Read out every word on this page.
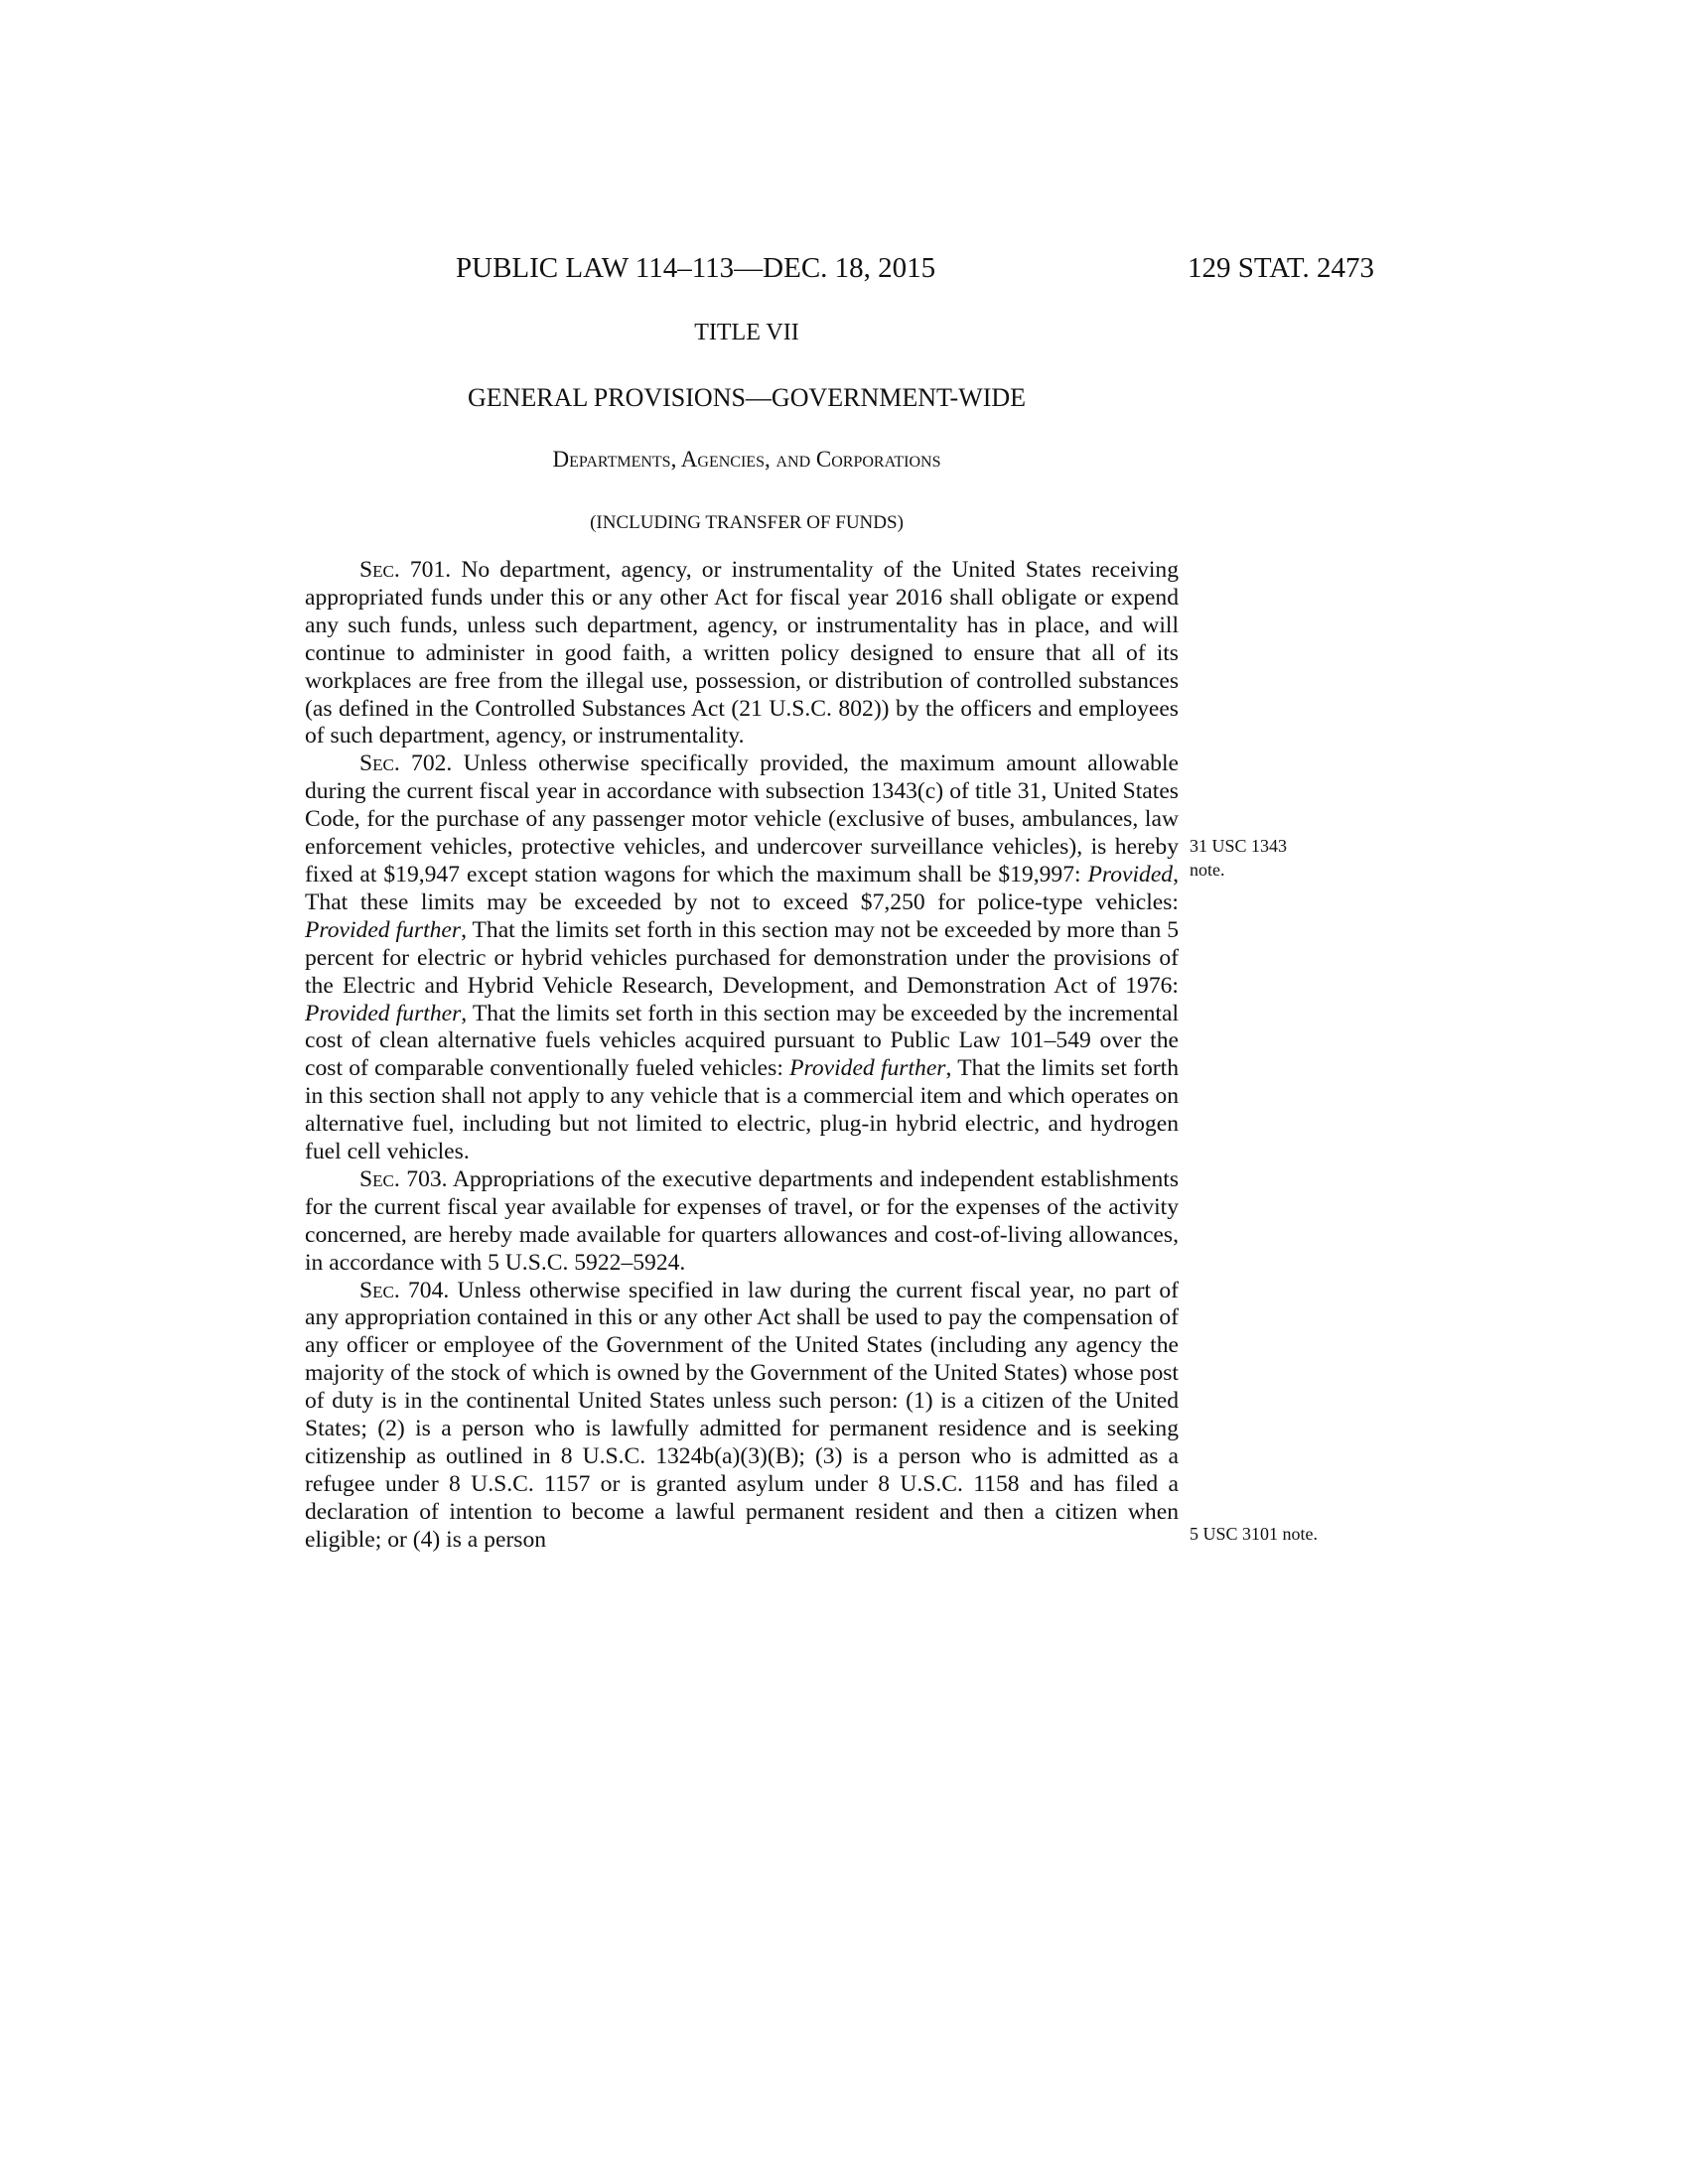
PUBLIC LAW 114–113—DEC. 18, 2015	129 STAT. 2473
TITLE VII
GENERAL PROVISIONS—GOVERNMENT-WIDE
Departments, Agencies, and Corporations
(INCLUDING TRANSFER OF FUNDS)

Sec. 701. No department, agency, or instrumentality of the United States receiving appropriated funds under this or any other Act for fiscal year 2016 shall obligate or expend any such funds, unless such department, agency, or instrumentality has in place, and will continue to administer in good faith, a written policy designed to ensure that all of its workplaces are free from the illegal use, possession, or distribution of controlled substances (as defined in the Controlled Substances Act (21 U.S.C. 802)) by the officers and employees of such department, agency, or instrumentality.

Sec. 702. Unless otherwise specifically provided, the maximum amount allowable during the current fiscal year in accordance with subsection 1343(c) of title 31, United States Code, for the purchase of any passenger motor vehicle (exclusive of buses, ambulances, law enforcement vehicles, protective vehicles, and undercover surveillance vehicles), is hereby fixed at $19,947 except station wagons for which the maximum shall be $19,997: Provided, That these limits may be exceeded by not to exceed $7,250 for police-type vehicles: Provided further, That the limits set forth in this section may not be exceeded by more than 5 percent for electric or hybrid vehicles purchased for demonstration under the provisions of the Electric and Hybrid Vehicle Research, Development, and Demonstration Act of 1976: Provided further, That the limits set forth in this section may be exceeded by the incremental cost of clean alternative fuels vehicles acquired pursuant to Public Law 101–549 over the cost of comparable conventionally fueled vehicles: Provided further, That the limits set forth in this section shall not apply to any vehicle that is a commercial item and which operates on alternative fuel, including but not limited to electric, plug-in hybrid electric, and hydrogen fuel cell vehicles.

Sec. 703. Appropriations of the executive departments and independent establishments for the current fiscal year available for expenses of travel, or for the expenses of the activity concerned, are hereby made available for quarters allowances and cost-of-living allowances, in accordance with 5 U.S.C. 5922–5924.

Sec. 704. Unless otherwise specified in law during the current fiscal year, no part of any appropriation contained in this or any other Act shall be used to pay the compensation of any officer or employee of the Government of the United States (including any agency the majority of the stock of which is owned by the Government of the United States) whose post of duty is in the continental United States unless such person: (1) is a citizen of the United States; (2) is a person who is lawfully admitted for permanent residence and is seeking citizenship as outlined in 8 U.S.C. 1324b(a)(3)(B); (3) is a person who is admitted as a refugee under 8 U.S.C. 1157 or is granted asylum under 8 U.S.C. 1158 and has filed a declaration of intention to become a lawful permanent resident and then a citizen when eligible; or (4) is a person

31 USC 1343
note.
5 USC 3101 note.
